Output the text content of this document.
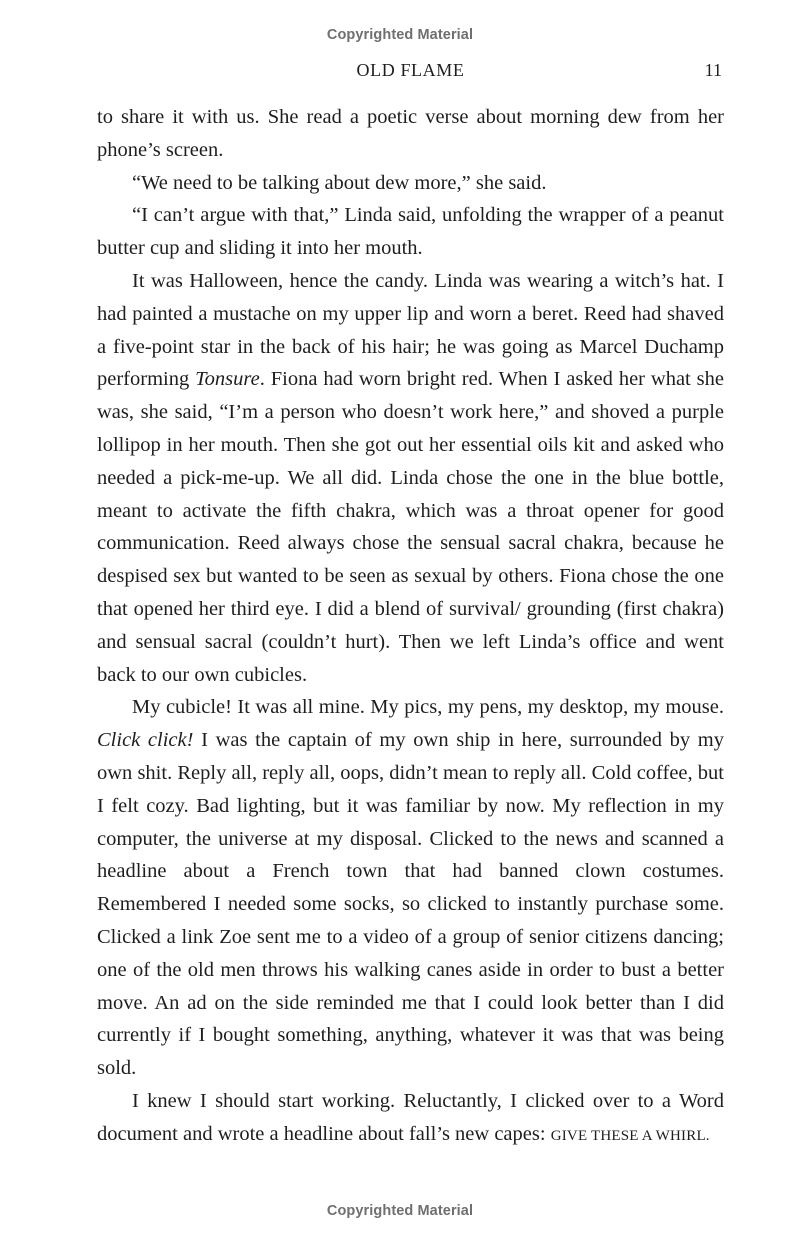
Copyrighted Material
OLD FLAME	11

to share it with us. She read a poetic verse about morning dew from her phone’s screen.

“We need to be talking about dew more,” she said.

“I can’t argue with that,” Linda said, unfolding the wrapper of a peanut butter cup and sliding it into her mouth.

It was Halloween, hence the candy. Linda was wearing a witch’s hat. I had painted a mustache on my upper lip and worn a beret. Reed had shaved a five-point star in the back of his hair; he was going as Marcel Duchamp performing Tonsure. Fiona had worn bright red. When I asked her what she was, she said, “I’m a person who doesn’t work here,” and shoved a purple lollipop in her mouth. Then she got out her essential oils kit and asked who needed a pick-me-up. We all did. Linda chose the one in the blue bottle, meant to activate the fifth chakra, which was a throat opener for good communication. Reed always chose the sensual sacral chakra, because he despised sex but wanted to be seen as sexual by others. Fiona chose the one that opened her third eye. I did a blend of survival/ grounding (first chakra) and sensual sacral (couldn’t hurt). Then we left Linda’s office and went back to our own cubicles.

My cubicle! It was all mine. My pics, my pens, my desktop, my mouse. Click click! I was the captain of my own ship in here, surrounded by my own shit. Reply all, reply all, oops, didn’t mean to reply all. Cold coffee, but I felt cozy. Bad lighting, but it was familiar by now. My reflection in my computer, the universe at my disposal. Clicked to the news and scanned a headline about a French town that had banned clown costumes. Remembered I needed some socks, so clicked to instantly purchase some. Clicked a link Zoe sent me to a video of a group of senior citizens dancing; one of the old men throws his walking canes aside in order to bust a better move. An ad on the side reminded me that I could look better than I did currently if I bought something, anything, whatever it was that was being sold.

I knew I should start working. Reluctantly, I clicked over to a Word document and wrote a headline about fall’s new capes: GIVE THESE A WHIRL.

Copyrighted Material
